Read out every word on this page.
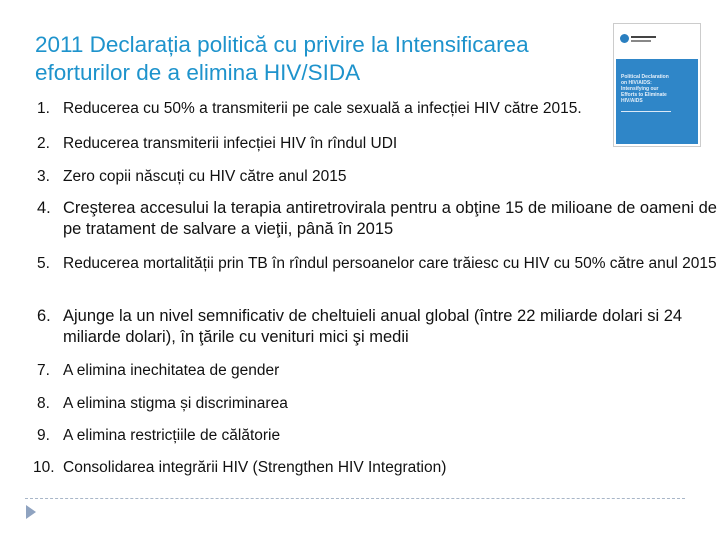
2011 Declarația politică cu privire la Intensificarea eforturilor de a elimina HIV/SIDA	Political Declaration on HIV/AIDS: Intensifying our Efforts to Eliminate HIV/AIDS
1. Reducerea cu 50% a transmiterii pe cale sexuală a infecției HIV către 2015.
2. Reducerea transmiterii infecției HIV în rîndul UDI
3. Zero copii născuți cu HIV către anul 2015
4. Creşterea accesului la terapia antiretrovirala pentru a obţine 15 de milioane de oameni de pe tratament de salvare a vieţii, până în 2015
5. Reducerea mortalității prin TB în rîndul persoanelor care trăiesc cu HIV cu 50% către anul 2015
6. Ajunge la un nivel semnificativ de cheltuieli anual global (între 22 miliarde dolari si 24 miliarde dolari), în ţările cu venituri mici şi medii
7. A elimina inechitatea de gender
8. A elimina stigma și discriminarea
9. A elimina restricțiile de călătorie
10. Consolidarea integrării HIV (Strengthen HIV Integration)
